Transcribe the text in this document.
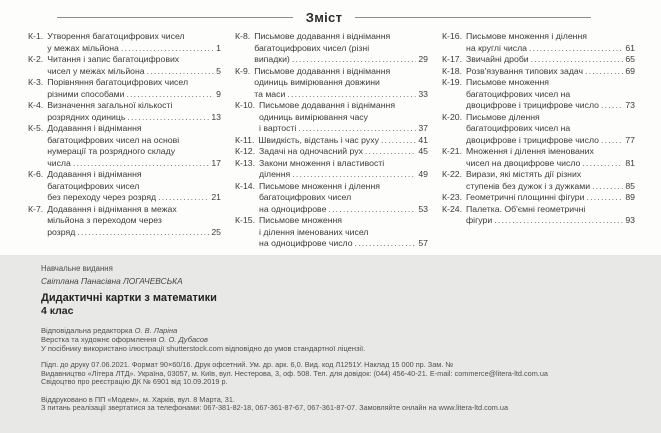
Зміст
К-1. Утворення багатоцифрових чисел
у межах мільйона .....	1
К-2. Читання і запис багатоцифрових
чисел у межах мільйона .....	5
К-3. Порівняння багатоцифрових чисел
різними способами .....	9
К-4. Визначення загальної кількості
розрядних одиниць .....	13
К-5. Додавання і віднімання
багатоцифрових чисел на основі
нумерації та розрядного складу
числа .....	17
К-6. Додавання і віднімання
багатоцифрових чисел
без переходу через розряд .....	21
К-7. Додавання і віднімання в межах
мільйона з переходом через
розряд .....	25
К-8. Письмове додавання і віднімання
багатоцифрових чисел (різні
випадки) .....	29
К-9. Письмове додавання і віднімання
одиниць вимірювання довжини
та маси .....	33
К-10. Письмове додавання і віднімання
одиниць вимірювання часу
і вартості .....	37
К-11. Швидкість, відстань і час руху .....	41
К-12. Задачі на одночасний рух .....	45
К-13. Закони множення і властивості
ділення .....	49
К-14. Письмове множення і ділення
багатоцифрових чисел
на одноцифрове .....	53
К-15. Письмове множення
і ділення іменованих чисел
на одноцифрове число .....	57
К-16. Письмове множення і ділення
на круглі числа .....	61
К-17. Звичайні дроби .....	65
К-18. Розв'язування типових задач .....	69
К-19. Письмове множення
багатоцифрових чисел на
двоцифрове і трицифрове число .....	73
К-20. Письмове ділення
багатоцифрових чисел на
двоцифрове і трицифрове число .....	77
К-21. Множення і ділення іменованих
чисел на двоцифрове число .....	81
К-22. Вирази, які містять дії різних
ступенів без дужок і з дужками .....	85
К-23. Геометричні площинні фігури .....	89
К-24. Палетка. Об'ємні геометричні
фігури .....	93
Навчальне видання
Світлана Панасівна ЛОГАЧЕВСЬКА
Дидактичні картки з математики
4 клас
Відповідальна редакторка О. В. Ларіна
Верстка та художнє оформлення О. О. Дубасов
У посібнику використано ілюстрації shutterstock.com відповідно до умов стандартної ліцензії.
Підп. до друку 07.06.2021. Формат 90×60/16. Друк офсетний. Ум. др. арк. 6,0. Вид. код Л1251У. Наклад 15 000 пр. Зам. №
Видавництво «Літера ЛТД». Україна, 03057, м. Київ, вул. Нестерова, 3, оф. 508. Тел. для довідок: (044) 456-40-21. E-mail: commerce@litera-ltd.com.ua
Свідоцтво про реєстрацію ДК № 6901 від 10.09.2019 р.
Віддруковано в ПП «Модем», м. Харків, вул. 8 Марта, 31.
З питань реалізації звертатися за телефонами: 067-381-82-18, 067-361-87-67, 067-361-87-07. Замовляйте онлайн на www.litera-ltd.com.ua
